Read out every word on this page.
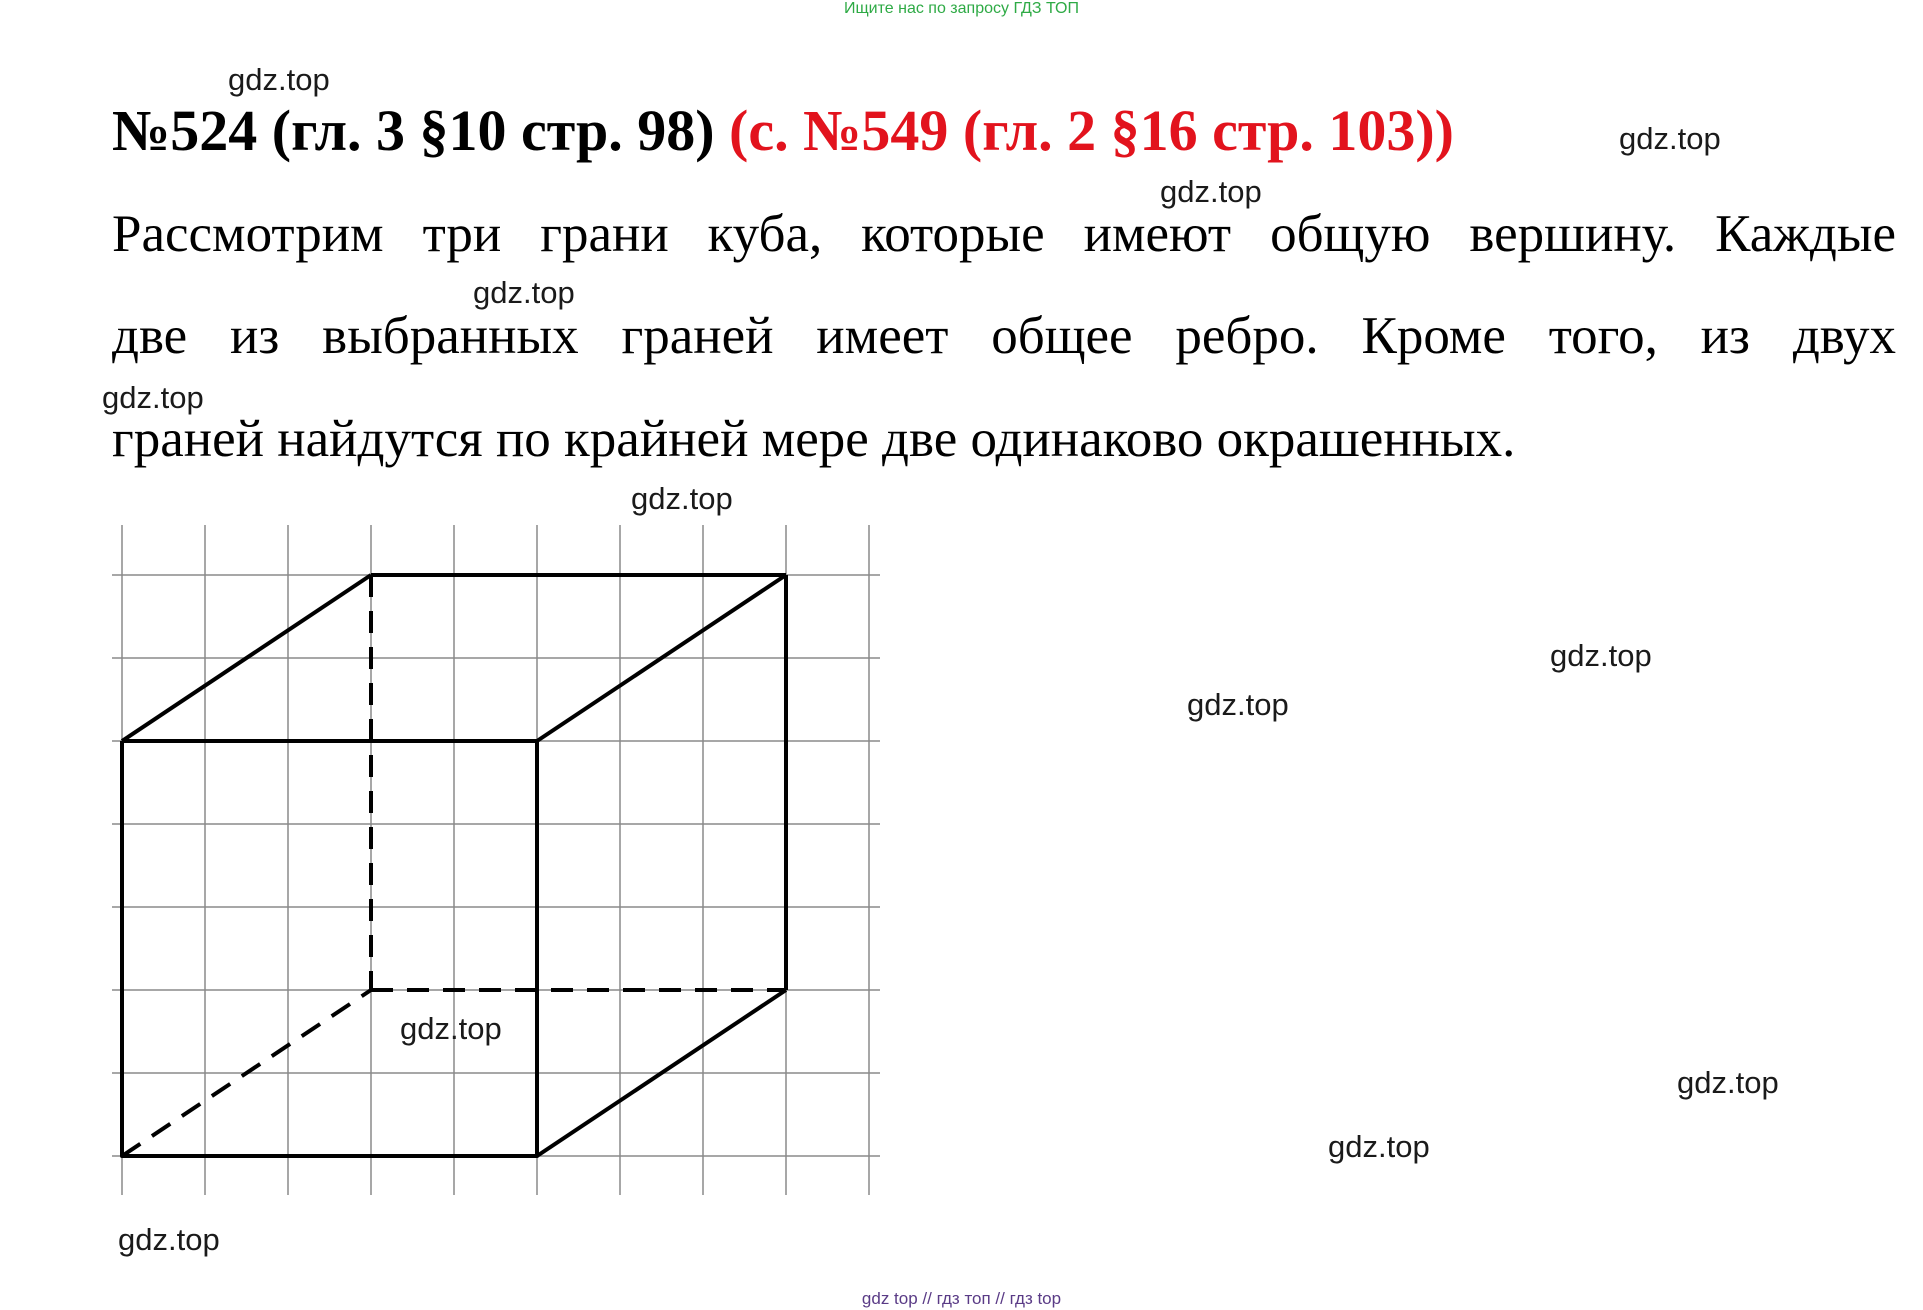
Ищите нас по запросу ГДЗ ТОП
№524 (гл. 3 §10 стр. 98) (с. №549 (гл. 2 §16 стр. 103))
Рассмотрим три грани куба, которые имеют общую вершину. Каждые
две из выбранных граней имеет общее ребро. Кроме того, из двух
граней найдутся по крайней мере две одинаково окрашенных.
gdz.top
gdz.top
gdz.top
gdz.top
gdz.top
gdz.top
gdz.top
gdz.top
gdz.top
gdz.top
gdz.top
gdz.top
gdz top // гдз топ // гдз top
